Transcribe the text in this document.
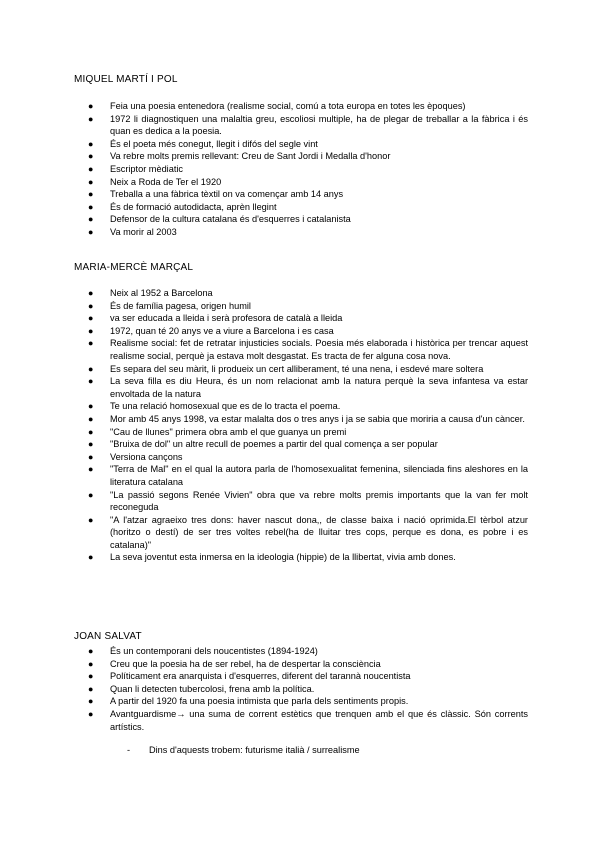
MIQUEL MARTÍ I POL
● Feia una poesia entenedora (realisme social, comú a tota europa en totes les èpoques)
● 1972 li diagnostiquen una malaltia greu, escoliosi multiple, ha de plegar de treballar a la fàbrica i és quan es dedica a la poesia.
● És el poeta més conegut, llegit i difós del segle vint
● Va rebre molts premis rellevant: Creu de Sant Jordi i Medalla d'honor
● Escriptor mèdiatic
● Neix a Roda de Ter el 1920
● Treballa a una fàbrica tèxtil on va començar amb 14 anys
● És de formació autodidacta, aprèn llegint
● Defensor de la cultura catalana és d'esquerres i catalanista
● Va morir al 2003
MARIA-MERCÈ MARÇAL
● Neix al 1952 a Barcelona
● És de família pagesa, origen humil
● va ser educada a lleida i serà profesora de català a lleida
● 1972, quan té 20 anys ve a viure a Barcelona i es casa
● Realisme social: fet de retratar injusticies socials. Poesia més elaborada i històrica per trencar aquest realisme social, perquè ja estava molt desgastat. Es tracta de fer alguna cosa nova.
● Es separa del seu màrit, li produeix un cert alliberament, té una nena, i esdevé mare soltera
● La seva filla es diu Heura, és un nom relacionat amb la natura perquè la seva infantesa va estar envoltada de la natura
● Te una relació homosexual que es de lo tracta el poema.
● Mor amb 45 anys 1998, va estar malalta dos o tres anys i ja se sabia que moriria a causa d'un càncer.
● "Cau de llunes" primera obra amb el que guanya un premi
● "Bruixa de dol" un altre recull de poemes a partir del qual comença a ser popular
● Versiona cançons
● "Terra de Mal" en el qual la autora parla de l'homosexualitat femenina, silenciada fins aleshores en la literatura catalana
● "La passió segons Renée Vivien" obra que va rebre molts premis importants que la van fer molt reconeguda
● "A l'atzar agraeixo tres dons: haver nascut dona,, de classe baixa i nació oprimida.El tèrbol atzur (horitzo o destí) de ser tres voltes rebel(ha de lluitar tres cops, perque es dona, es pobre i es catalana)"
● La seva joventut esta inmersa en la ideologia (hippie) de la llibertat, vivia amb dones.
JOAN SALVAT
● És un contemporani dels noucentistes (1894-1924)
● Creu que la poesia ha de ser rebel, ha de despertar la consciència
● Políticament era anarquista i d'esquerres, diferent del tarannà noucentista
● Quan li detecten tubercolosi, frena amb la política.
● A partir del 1920 fa una poesia intimista que parla dels sentiments propis.
● Avantguardisme→ una suma de corrent estètics que trenquen amb el que és clàssic. Són corrents artístics.
- Dins d'aquests trobem: futurisme italià / surrealisme
